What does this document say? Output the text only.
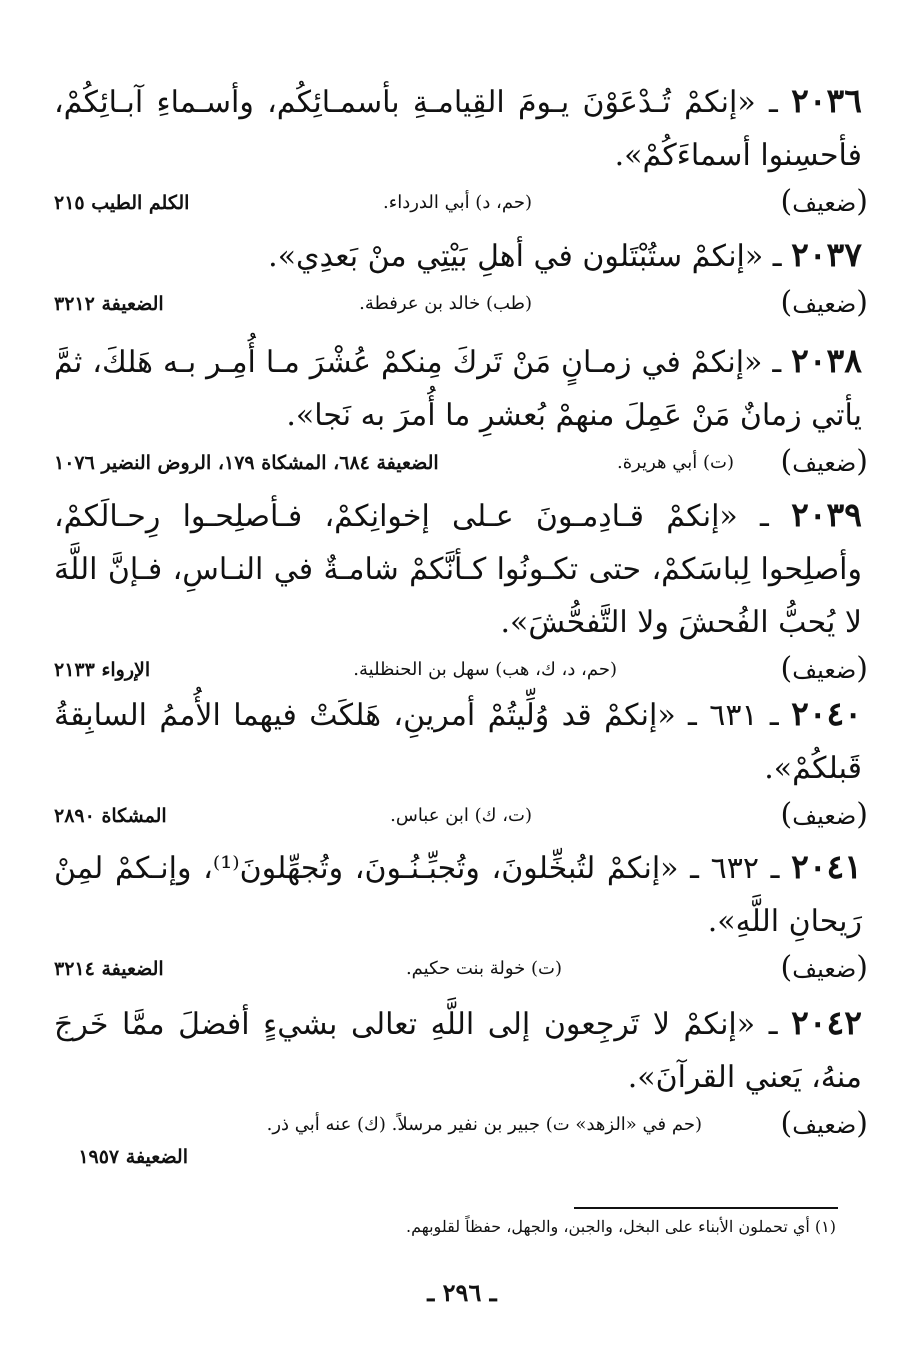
٢٠٣٦ ـ «إنكمْ تُـدْعَوْنَ يـومَ القِيامـةِ بأسمـائِكُم، وأسـماءِ آبـائِكُمْ، فأحسِنوا أسماءَكُمْ».

(ضعيف)
(حم، د) أبي الدرداء.
الكلم الطيب ٢١٥

٢٠٣٧ ـ «إنكمْ ستُبْتَلون في أهلِ بَيْتِي منْ بَعدِي».

(ضعيف)
(طب) خالد بن عرفطة.
الضعيفة ٣٢١٢

٢٠٣٨ ـ «إنكمْ في زمـانٍ مَنْ تَركَ مِنكمْ عُشْرَ مـا أُمِـر بـه هَلكَ، ثمَّ يأتي زمانٌ مَنْ عَمِلَ منهمْ بُعشرِ ما أُمرَ به نَجا».

(ضعيف)
(ت) أبي هريرة.
الضعيفة ٦٨٤، المشكاة ١٧٩، الروض النضير ١٠٧٦

٢٠٣٩ ـ «إنكمْ قـادِمـونَ عـلى إخوانِكمْ، فـأصلِحـوا رِحـالَكمْ، وأصلِحوا لِباسَكمْ، حتى تكـونُوا كـأنَّكمْ شامـةٌ في النـاسِ، فـإنَّ اللَّهَ لا يُحبُّ الفُحشَ ولا التَّفحُّشَ».

(ضعيف)
(حم، د، ك، هب) سهل بن الحنظلية.
الإرواء ٢١٣٣

٢٠٤٠ ـ ٦٣١ ـ «إنكمْ قد وُلِّيتُمْ أمرينِ، هَلكَتْ فيهما الأُممُ السابِقةُ قَبلكُمْ».

(ضعيف)
(ت، ك) ابن عباس.
المشكاة ٢٨٩٠

٢٠٤١ ـ ٦٣٢ ـ «إنكمْ لتُبخِّلونَ، وتُجبِّـنُـونَ، وتُجهِّلونَ⁽¹⁾، وإنـكمْ لمِنْ رَيحانِ اللَّهِ».

(ضعيف)
(ت) خولة بنت حكيم.
الضعيفة ٣٢١٤

٢٠٤٢ ـ «إنكمْ لا تَرجِعون إلى اللَّهِ تعالى بشيءٍ أفضلَ ممَّا خَرجَ منهُ، يَعني القرآنَ».

(ضعيف)
(حم في «الزهد» ت) جبير بن نفير مرسلاً. (ك) عنه أبي ذر.
الضعيفة ١٩٥٧
(١) أي تحملون الأبناء على البخل، والجبن، والجهل، حفظاً لقلوبهم.
ـ ٢٩٦ ـ
